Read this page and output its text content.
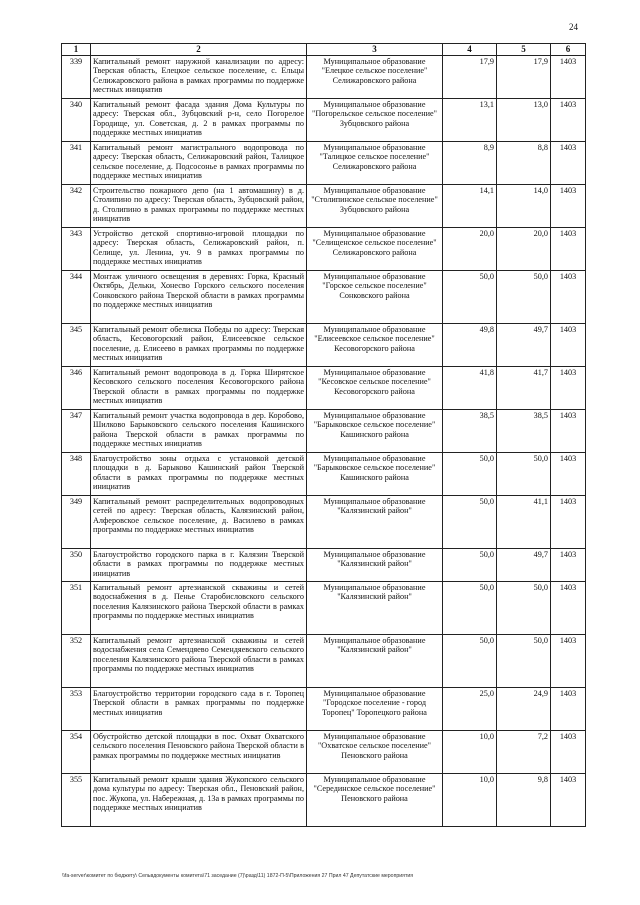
24
1	2	3	4	5	6
339	Капитальный ремонт наружной канализации по адресу: Тверская область, Елецкое сельское поселение, с. Ельцы Селижаровского района в рамках программы по поддержке местных инициатив	Муниципальное образование "Елецкое сельское поселение" Селижаровского района	17,9	17,9	1403
340	Капитальный ремонт фасада здания Дома Культуры по адресу: Тверская обл., Зубцовский р-н, село Погорелое Городище, ул. Советская, д. 2 в рамках программы по поддержке местных инициатив	Муниципальное образование "Погорельское сельское поселение" Зубцовского района	13,1	13,0	1403
341	Капитальный ремонт магистрального водопровода по адресу: Тверская область, Селижаровский район, Талицкое сельское поселение, д. Подсосонье в рамках программы по поддержке местных инициатив	Муниципальное образование "Талицкое сельское поселение" Селижаровского района	8,9	8,8	1403
342	Строительство пожарного депо (на 1 автомашину) в д. Столипино по адресу: Тверская область, Зубцовский район, д. Столипино в рамках программы по поддержке местных инициатив	Муниципальное образование "Столипинское сельское поселение" Зубцовского района	14,1	14,0	1403
343	Устройство детской спортивно-игровой площадки по адресу: Тверская область, Селижаровский район, п. Селище, ул. Ленина, уч. 9 в рамках программы по поддержке местных инициатив	Муниципальное образование "Селищенское сельское поселение" Селижаровского района	20,0	20,0	1403
344	Монтаж уличного освещения в деревнях: Горка, Красный Октябрь, Дельки, Хонесво Горского сельского поселения Сонковского района Тверской области в рамках программы по поддержке местных инициатив	Муниципальное образование "Горское сельское поселение" Сонковского района	50,0	50,0	1403
345	Капитальный ремонт обелиска Победы по адресу: Тверская область, Кесовогорский район, Елисеевское сельское поселение, д. Елисеево в рамках программы по поддержке местных инициатив	Муниципальное образование "Елисеевское сельское поселение" Кесовогорского района	49,8	49,7	1403
346	Капитальный ремонт водопровода в д. Горка Ширятское Кесовского сельского поселения Кесовогорского района Тверской области в рамках программы по поддержке местных инициатив	Муниципальное образование "Кесовское сельское поселение" Кесовогорского района	41,8	41,7	1403
347	Капитальный ремонт участка водопровода в дер. Коробово, Шилково Барыковского сельского поселения Кашинского района Тверской области в рамках программы по поддержке местных инициатив	Муниципальное образование "Барыковское сельское поселение" Кашинского района	38,5	38,5	1403
348	Благоустройство зоны отдыха с установкой детской площадки в д. Барыково Кашинский район Тверской области в рамках программы по поддержке местных инициатив	Муниципальное образование "Барыковское сельское поселение" Кашинского района	50,0	50,0	1403
349	Капитальный ремонт распределительных водопроводных сетей по адресу: Тверская область, Калязинский район, Алферовское сельское поселение, д. Василево в рамках программы по поддержке местных инициатив	Муниципальное образование "Калязинский район"	50,0	41,1	1403
350	Благоустройство городского парка в г. Калязин Тверской области в рамках программы по поддержке местных инициатив	Муниципальное образование "Калязинский район"	50,0	49,7	1403
351	Капитальный ремонт артезианской скважины и сетей водоснабжения в д. Пенье Старобисловского сельского поселения Калязинского района Тверской области в рамках программы по поддержке местных инициатив	Муниципальное образование "Калязинский район"	50,0	50,0	1403
352	Капитальный ремонт артезианской скважины и сетей водоснабжения села Семендяево Семендяевского сельского поселения Калязинского района Тверской области в рамках программы по поддержке местных инициатив	Муниципальное образование "Калязинский район"	50,0	50,0	1403
353	Благоустройство территории городского сада в г. Торопец Тверской области в рамках программы по поддержке местных инициатив	Муниципальное образование "Городское поселение - город Торопец" Торопецкого района	25,0	24,9	1403
354	Обустройство детской площадки в пос. Охват Охватского сельского поселения Пеновского района Тверской области в рамках программы по поддержке местных инициатив	Муниципальное образование "Охватское сельское поселение" Пеновского района	10,0	7,2	1403
355	Капитальный ремонт крыши здания Жукопского сельского дома культуры по адресу: Тверская обл., Пеновский район, пос. Жукопа, ул. Набережная, д. 13а в рамках программы по поддержке местных инициатив	Муниципальное образование "Серединское сельское поселение" Пеновского района	10,0	9,8	1403
\\fa-server\комитет по бюджету\ Сельвдокументы комитета\71 заседание (7)\разд\11) 1872-П-5\Приложения 27 Прил 47 Депутатские мероприятия
